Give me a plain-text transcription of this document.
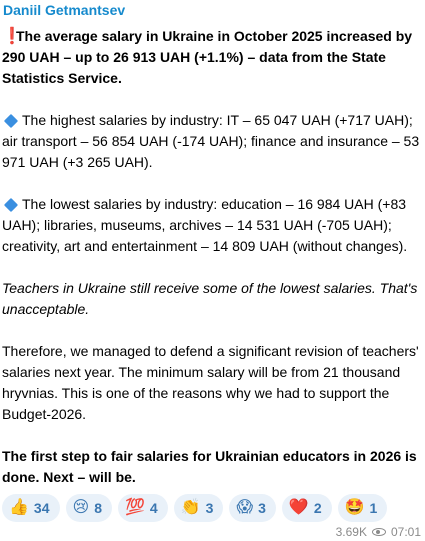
Daniil Getmantsev

❗The average salary in Ukraine in October 2025 increased by 290 UAH – up to 26 913 UAH (+1.1%) – data from the State Statistics Service.

The highest salaries by industry: IT – 65 047 UAH (+717 UAH); air transport – 56 854 UAH (-174 UAH); finance and insurance – 53 971 UAH (+3 265 UAH).

The lowest salaries by industry: education – 16 984 UAH (+83 UAH); libraries, museums, archives – 14 531 UAH (-705 UAH); creativity, art and entertainment – 14 809 UAH (without changes).

Teachers in Ukraine still receive some of the lowest salaries. That's unacceptable.

Therefore, we managed to defend a significant revision of teachers' salaries next year. The minimum salary will be from 21 thousand hryvnias. This is one of the reasons why we had to support the Budget-2026.

The first step to fair salaries for Ukrainian educators in 2026 is done. Next – will be.

👍 34 😢 8 💯 4 👏 3 😱 3 ❤️ 2 🤩 1
3.69K 07:01
